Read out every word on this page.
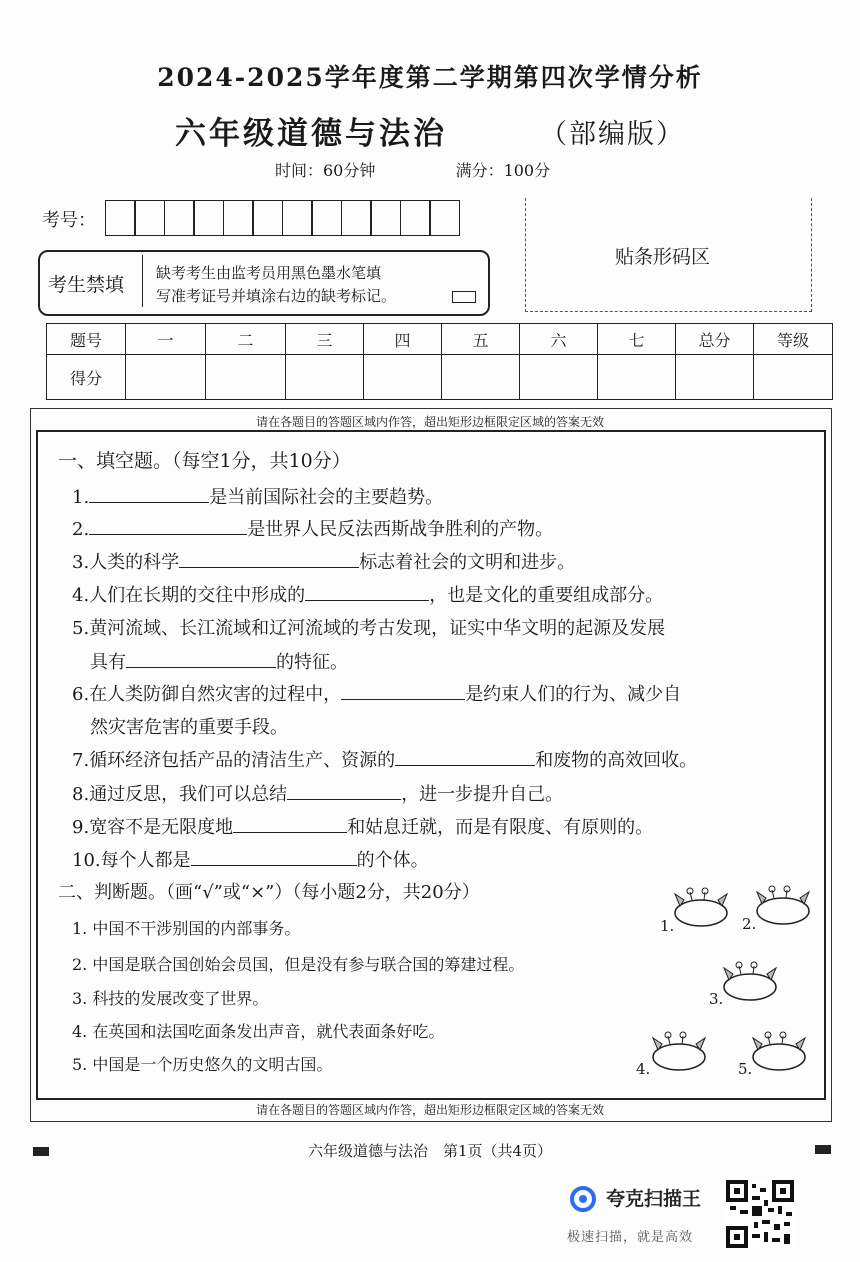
2024-2025学年度第二学期第四次学情分析
六年级道德与法治	（部编版）
时间：60分钟	满分：100分
考号：
贴条形码区
考生禁填
缺考考生由监考员用黑色墨水笔填
写准考证号并填涂右边的缺考标记。
题号	一	二	三	四	五	六	七	总分	等级
得分									
请在各题目的答题区域内作答，超出矩形边框限定区域的答案无效
一、填空题。（每空1分，共10分）
1.	是当前国际社会的主要趋势。
2.	是世界人民反法西斯战争胜利的产物。
3.人类的科学	标志着社会的文明和进步。
4.人们在长期的交往中形成的	，也是文化的重要组成部分。
5.黄河流域、长江流域和辽河流域的考古发现，证实中华文明的起源及发展
具有	的特征。
6.在人类防御自然灾害的过程中，	是约束人们的行为、减少自
然灾害危害的重要手段。
7.循环经济包括产品的清洁生产、资源的	和废物的高效回收。
8.通过反思，我们可以总结	，进一步提升自己。
9.宽容不是无限度地	和姑息迁就，而是有限度、有原则的。
10.每个人都是	的个体。
二、判断题。（画“√”或“×”）（每小题2分，共20分）
1. 中国不干涉别国的内部事务。
2. 中国是联合国创始会员国，但是没有参与联合国的筹建过程。
3. 科技的发展改变了世界。
4. 在英国和法国吃面条发出声音，就代表面条好吃。
5. 中国是一个历史悠久的文明古国。
1.	2.
3.
4.	5.
请在各题目的答题区域内作答，超出矩形边框限定区域的答案无效
六年级道德与法治　第1页（共4页）
夸克扫描王
极速扫描，就是高效
